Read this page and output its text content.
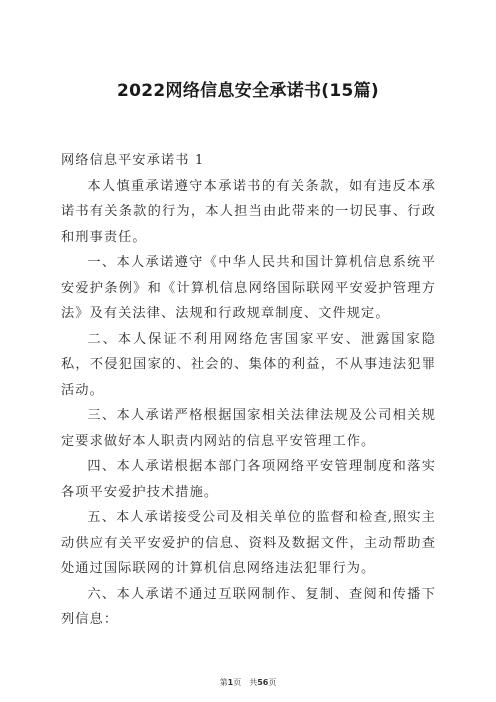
2022网络信息安全承诺书(15篇)

网络信息平安承诺书 1

本人慎重承诺遵守本承诺书的有关条款，如有违反本承诺书有关条款的行为，本人担当由此带来的一切民事、行政和刑事责任。

一、本人承诺遵守《中华人民共和国计算机信息系统平安爱护条例》和《计算机信息网络国际联网平安爱护管理方法》及有关法律、法规和行政规章制度、文件规定。

二、本人保证不利用网络危害国家平安、泄露国家隐私，不侵犯国家的、社会的、集体的利益，不从事违法犯罪活动。

三、本人承诺严格根据国家相关法律法规及公司相关规定要求做好本人职责内网站的信息平安管理工作。

四、本人承诺根据本部门各项网络平安管理制度和落实各项平安爱护技术措施。

五、本人承诺接受公司及相关单位的监督和检查,照实主动供应有关平安爱护的信息、资料及数据文件，主动帮助查处通过国际联网的计算机信息网络违法犯罪行为。

六、本人承诺不通过互联网制作、复制、查阅和传播下列信息：

第1页　共56页
